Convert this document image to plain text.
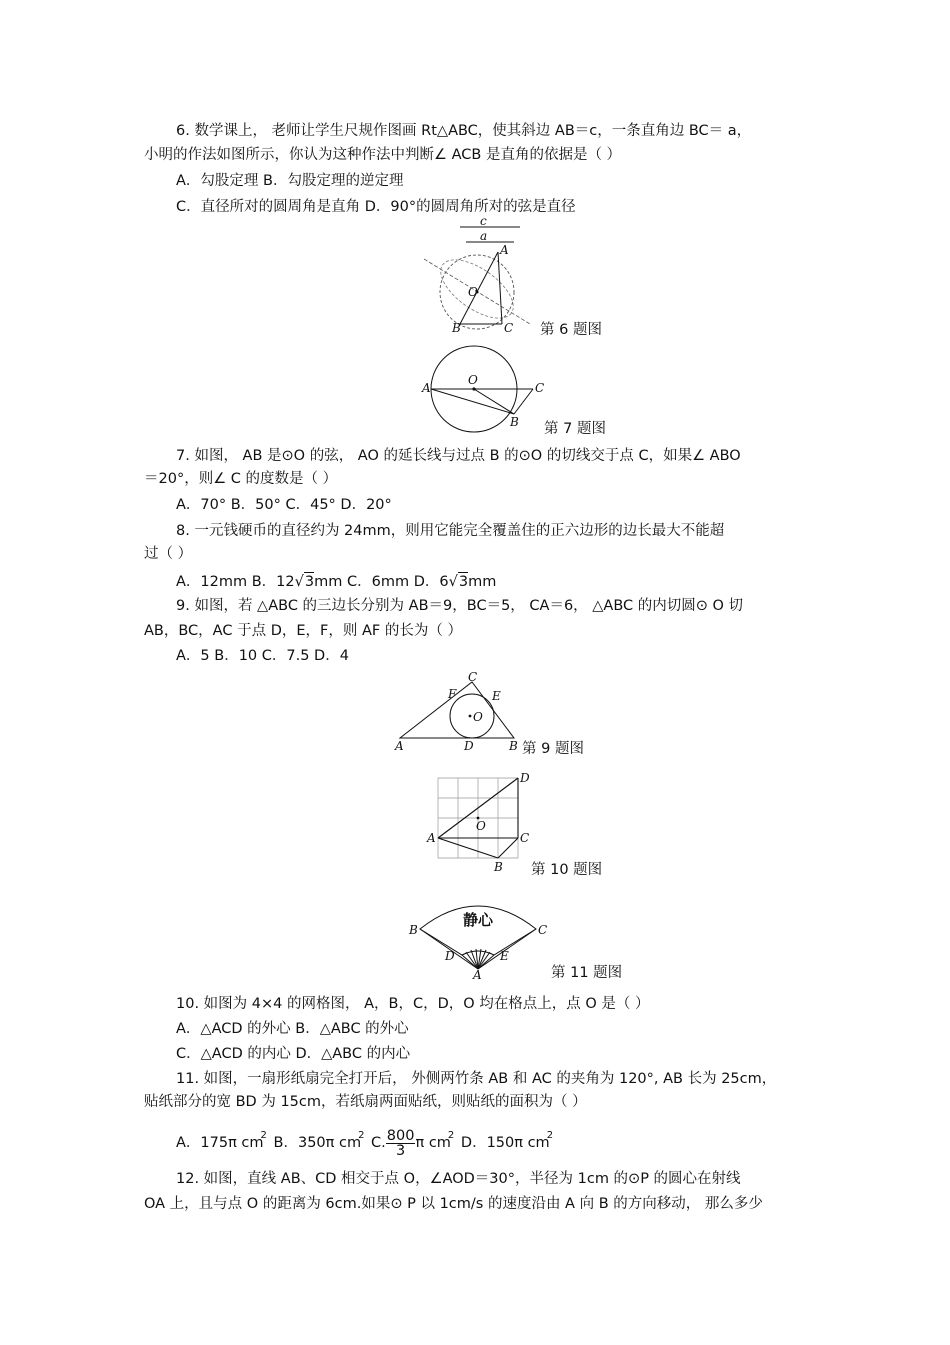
6. 数学课上， 老师让学生尺规作图画 Rt△ABC，使其斜边 AB＝c，一条直角边 BC＝ a，
小明的作法如图所示，你认为这种作法中判断∠ ACB 是直角的依据是（ ）
A．勾股定理 B．勾股定理的逆定理
C．直径所对的圆周角是直角 D．90°的圆周角所对的弦是直径
c
a
A
O
B	C 第 6 题图
A
O
C
B 第 7 题图
7. 如图， AB 是⊙O 的弦， AO 的延长线与过点 B 的⊙O 的切线交于点 C，如果∠ ABO
＝20°，则∠ C 的度数是（ ）
A．70° B．50° C．45° D．20°
8. 一元钱硬币的直径约为 24mm，则用它能完全覆盖住的正六边形的边长最大不能超
过（ ）
A．12mm B．12√3mm C．6mm D．6√3mm
9. 如图，若 △ABC 的三边长分别为 AB＝9，BC＝5， CA＝6， △ABC 的内切圆⊙ O 切
AB，BC，AC 于点 D，E，F，则 AF 的长为（ ）
A．5 B．10 C．7.5 D．4
A	B
C
D
E
F
O
第 9 题图
A
B
C
D
O
第 10 题图
静心
B	C
D	E
A	第 11 题图
10. 如图为 4×4 的网格图， A，B，C，D，O 均在格点上，点 O 是（ ）
A．△ACD 的外心 B．△ABC 的外心
C．△ACD 的内心 D．△ABC 的内心
11. 如图，一扇形纸扇完全打开后， 外侧两竹条 AB 和 AC 的夹角为 120°, AB 长为 25cm，
贴纸部分的宽 BD 为 15cm，若纸扇两面贴纸，则贴纸的面积为（ ）
A．175π $cm^2$ B．350π $cm^2$ C. $\frac{800}{3}$ π $cm^2$ D．150π $cm^2$
12. 如图，直线 AB、CD 相交于点 O，∠AOD＝30°，半径为 1cm 的⊙P 的圆心在射线
OA 上，且与点 O 的距离为 6cm.如果⊙ P 以 1cm/s 的速度沿由 A 向 B 的方向移动， 那么多少
